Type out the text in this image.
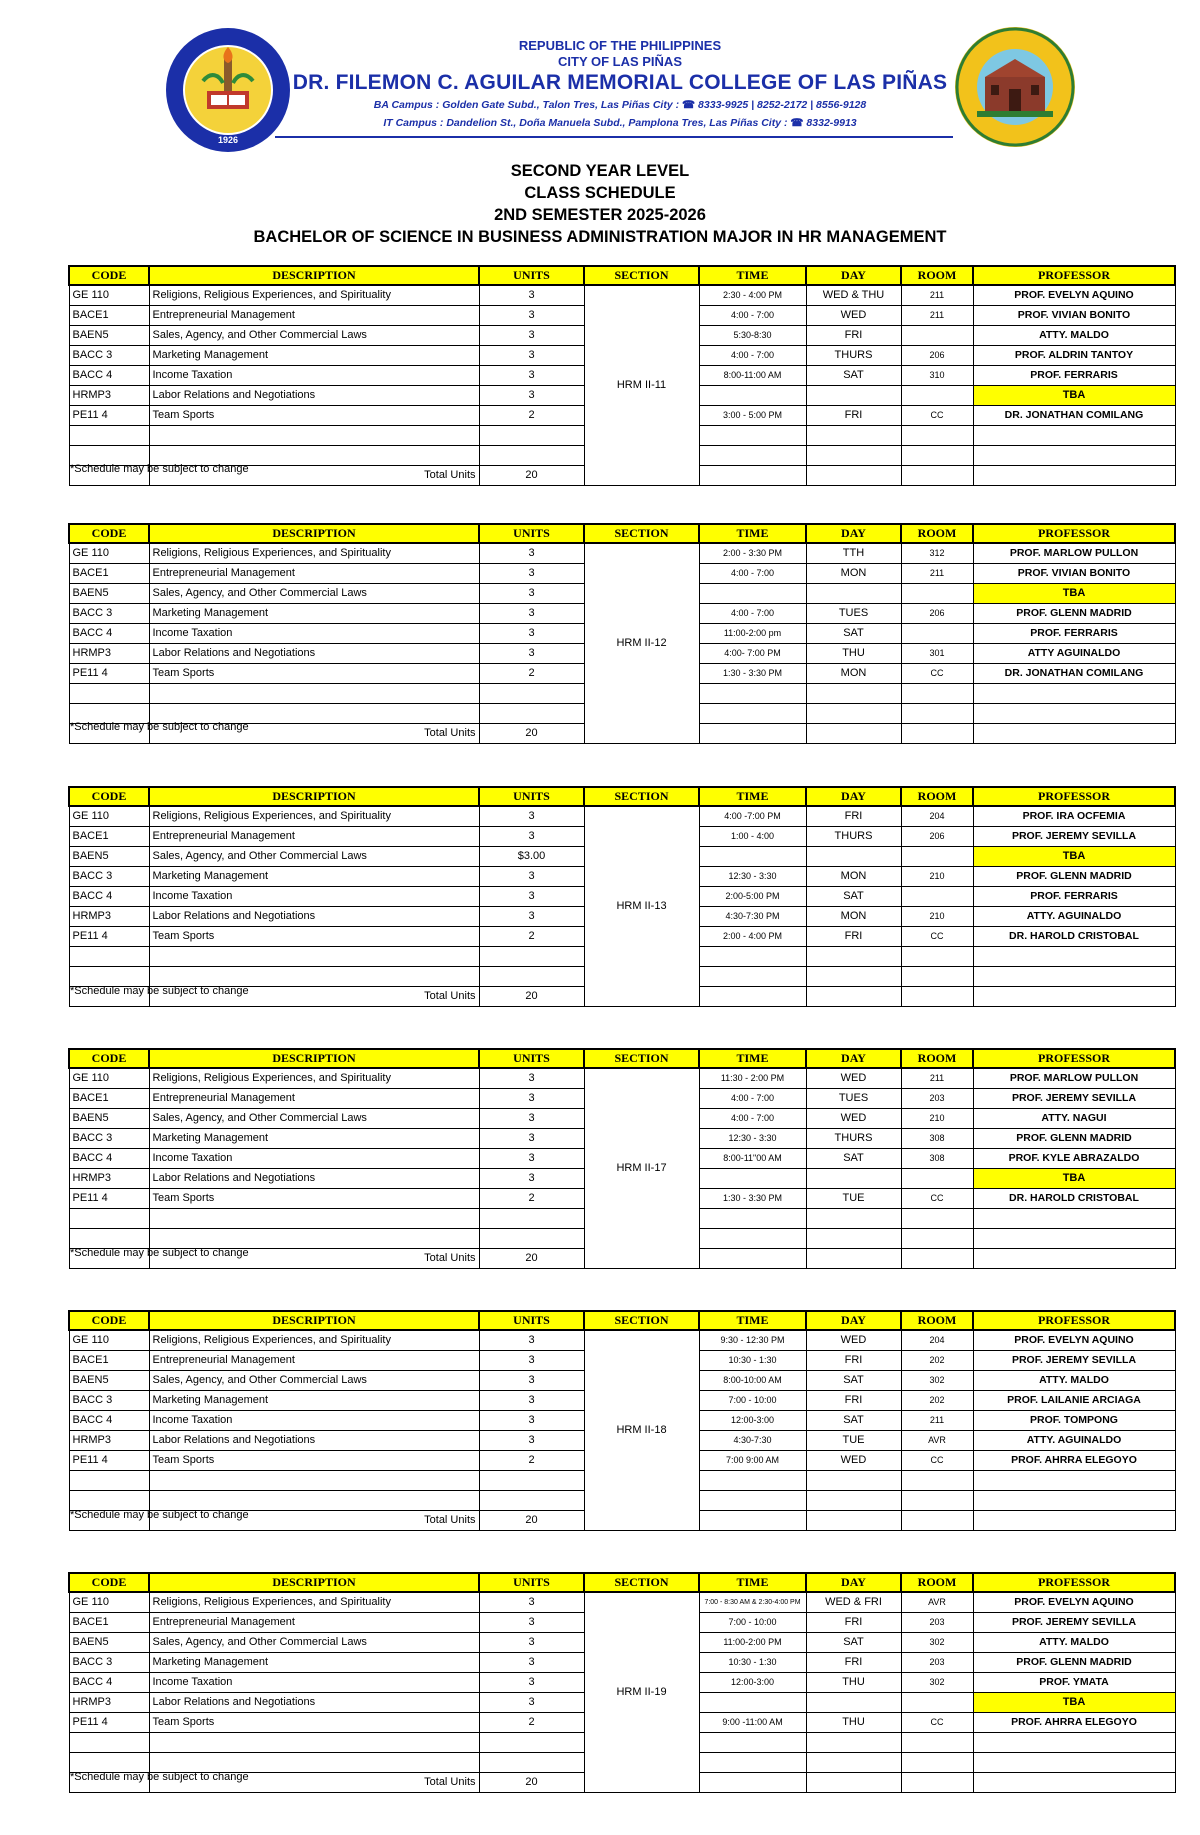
1926
REPUBLIC OF THE PHILIPPINES
CITY OF LAS PIÑAS
DR. FILEMON C. AGUILAR MEMORIAL COLLEGE OF LAS PIÑAS
BA Campus : Golden Gate Subd., Talon Tres, Las Piñas City : ☎ 8333-9925 | 8252-2172 | 8556-9128
IT Campus : Dandelion St., Doña Manuela Subd., Pamplona Tres, Las Piñas City : ☎ 8332-9913
SECOND YEAR LEVEL
CLASS SCHEDULE
2ND SEMESTER 2025-2026
BACHELOR OF SCIENCE IN BUSINESS ADMINISTRATION MAJOR IN HR MANAGEMENT
CODE	DESCRIPTION	UNITS	SECTION	TIME	DAY	ROOM	PROFESSOR
GE 110	Religions, Religious Experiences, and Spirituality	3	HRM II-11	2:30 - 4:00 PM	WED & THU	211	PROF. EVELYN AQUINO
BACE1	Entrepreneurial Management	3		4:00 - 7:00	WED	211	PROF. VIVIAN BONITO
BAEN5	Sales, Agency, and Other Commercial Laws	3		5:30-8:30	FRI		ATTY. MALDO
BACC 3	Marketing Management	3		4:00 - 7:00	THURS	206	PROF. ALDRIN TANTOY
BACC 4	Income Taxation	3		8:00-11:00 AM	SAT	310	PROF. FERRARIS
HRMP3	Labor Relations and Negotiations	3					TBA
PE11 4	Team Sports	2		3:00 - 5:00 PM	FRI	CC	DR. JONATHAN COMILANG

	Total Units	20					
*Schedule may be subject to change
CODE	DESCRIPTION	UNITS	SECTION	TIME	DAY	ROOM	PROFESSOR
GE 110	Religions, Religious Experiences, and Spirituality	3	HRM II-12	2:00 - 3:30 PM	TTH	312	PROF. MARLOW PULLON
BACE1	Entrepreneurial Management	3		4:00 - 7:00	MON	211	PROF. VIVIAN BONITO
BAEN5	Sales, Agency, and Other Commercial Laws	3					TBA
BACC 3	Marketing Management	3		4:00 - 7:00	TUES	206	PROF. GLENN MADRID
BACC 4	Income Taxation	3		11:00-2:00 pm	SAT		PROF. FERRARIS
HRMP3	Labor Relations and Negotiations	3		4:00- 7:00 PM	THU	301	ATTY AGUINALDO
PE11 4	Team Sports	2		1:30 - 3:30 PM	MON	CC	DR. JONATHAN COMILANG

	Total Units	20					
*Schedule may be subject to change
CODE	DESCRIPTION	UNITS	SECTION	TIME	DAY	ROOM	PROFESSOR
GE 110	Religions, Religious Experiences, and Spirituality	3	HRM II-13	4:00 -7:00 PM	FRI	204	PROF. IRA OCFEMIA
BACE1	Entrepreneurial Management	3		1:00 - 4:00	THURS	206	PROF. JEREMY SEVILLA
BAEN5	Sales, Agency, and Other Commercial Laws	$3.00					TBA
BACC 3	Marketing Management	3		12:30 - 3:30	MON	210	PROF. GLENN MADRID
BACC 4	Income Taxation	3		2:00-5:00 PM	SAT		PROF. FERRARIS
HRMP3	Labor Relations and Negotiations	3		4:30-7:30 PM	MON	210	ATTY. AGUINALDO
PE11 4	Team Sports	2		2:00 - 4:00 PM	FRI	CC	DR. HAROLD CRISTOBAL

	Total Units	20					
*Schedule may be subject to change
CODE	DESCRIPTION	UNITS	SECTION	TIME	DAY	ROOM	PROFESSOR
GE 110	Religions, Religious Experiences, and Spirituality	3	HRM II-17	11:30 - 2:00 PM	WED	211	PROF. MARLOW PULLON
BACE1	Entrepreneurial Management	3		4:00 - 7:00	TUES	203	PROF. JEREMY SEVILLA
BAEN5	Sales, Agency, and Other Commercial Laws	3		4:00 - 7:00	WED	210	ATTY. NAGUI
BACC 3	Marketing Management	3		12:30 - 3:30	THURS	308	PROF. GLENN MADRID
BACC 4	Income Taxation	3		8:00-11"00 AM	SAT	308	PROF. KYLE ABRAZALDO
HRMP3	Labor Relations and Negotiations	3					TBA
PE11 4	Team Sports	2		1:30 - 3:30 PM	TUE	CC	DR. HAROLD CRISTOBAL

	Total Units	20					
*Schedule may be subject to change
CODE	DESCRIPTION	UNITS	SECTION	TIME	DAY	ROOM	PROFESSOR
GE 110	Religions, Religious Experiences, and Spirituality	3	HRM II-18	9:30 - 12:30 PM	WED	204	PROF. EVELYN AQUINO
BACE1	Entrepreneurial Management	3		10:30 - 1:30	FRI	202	PROF. JEREMY SEVILLA
BAEN5	Sales, Agency, and Other Commercial Laws	3		8:00-10:00 AM	SAT	302	ATTY. MALDO
BACC 3	Marketing Management	3		7:00 - 10:00	FRI	202	PROF. LAILANIE ARCIAGA
BACC 4	Income Taxation	3		12:00-3:00	SAT	211	PROF. TOMPONG
HRMP3	Labor Relations and Negotiations	3		4:30-7:30	TUE	AVR	ATTY. AGUINALDO
PE11 4	Team Sports	2		7:00 9:00 AM	WED	CC	PROF. AHRRA ELEGOYO

	Total Units	20					
*Schedule may be subject to change
CODE	DESCRIPTION	UNITS	SECTION	TIME	DAY	ROOM	PROFESSOR
GE 110	Religions, Religious Experiences, and Spirituality	3	HRM II-19	7:00 - 8:30 AM & 2:30-4:00 PM	WED & FRI	AVR	PROF. EVELYN AQUINO
BACE1	Entrepreneurial Management	3		7:00 - 10:00	FRI	203	PROF. JEREMY SEVILLA
BAEN5	Sales, Agency, and Other Commercial Laws	3		11:00-2:00 PM	SAT	302	ATTY. MALDO
BACC 3	Marketing Management	3		10:30 - 1:30	FRI	203	PROF. GLENN MADRID
BACC 4	Income Taxation	3		12:00-3:00	THU	302	PROF. YMATA
HRMP3	Labor Relations and Negotiations	3					TBA
PE11 4	Team Sports	2		9:00 -11:00 AM	THU	CC	PROF. AHRRA ELEGOYO

	Total Units	20					
*Schedule may be subject to change
